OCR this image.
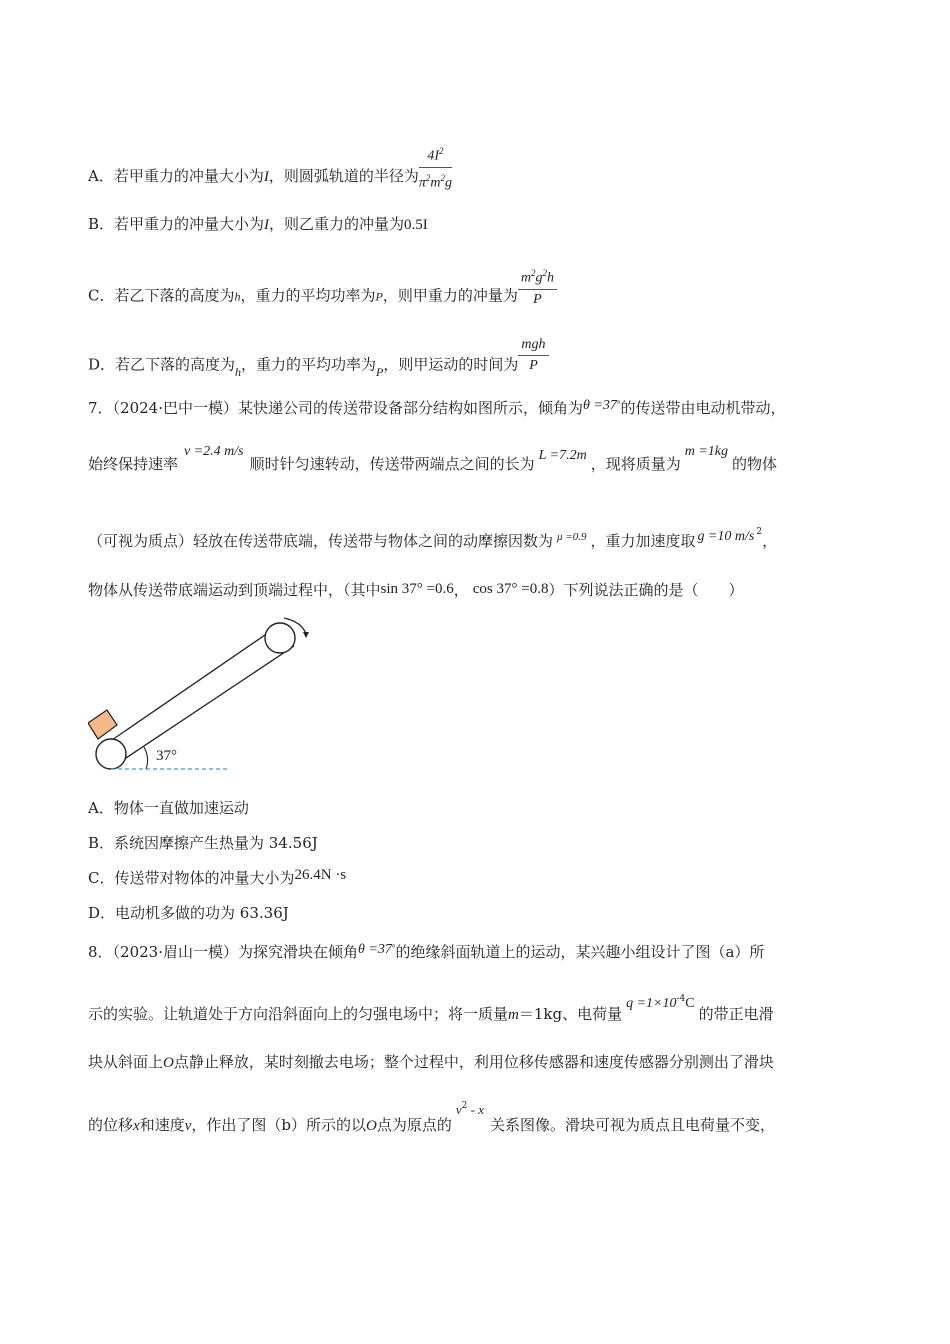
A．若甲重力的冲量大小为I，则圆弧轨道的半径为 $\frac{4I^2}{\pi^2m^2g}$
B．若甲重力的冲量大小为I，则乙重力的冲量为0.5I
C．若乙下落的高度为h，重力的平均功率为P，则甲重力的冲量为 $\frac{m^2g^2h}{P}$
D．若乙下落的高度为$_h$，重力的平均功率为$_P$，则甲运动的时间为 $\frac{\text{mgh}}{P}$
7．（2024·巴中一模）某快递公司的传送带设备部分结构如图所示，倾角为θ =37°的传送带由电动机带动，
始终保持速率v =2.4 m/s顺时针匀速转动，传送带两端点之间的长为 L =7.2m ，现将质量为m =1kg的物体
（可视为质点）轻放在传送带底端，传送带与物体之间的动摩擦因数为 $^{\mu =0.9}$ ，重力加速度取 g =10 m/s $^2$，
物体从传送带底端运动到顶端过程中，（其中sin 37° =0.6， cos 37° =0.8）下列说法正确的是（　　）
37°
A．物体一直做加速运动
B．系统因摩擦产生热量为 34.56J
C．传送带对物体的冲量大小为26.4N ·s
D．电动机多做的功为 63.36J
8．（2023·眉山一模）为探究滑块在倾角θ =37°的绝缘斜面轨道上的运动，某兴趣小组设计了图（a）所
示的实验。让轨道处于方向沿斜面向上的匀强电场中；将一质量m＝1kg、电荷量$q =1\times 10^{-4}C$的带正电滑
块从斜面上O点静止释放，某时刻撤去电场；整个过程中，利用位移传感器和速度传感器分别测出了滑块
的位移x和速度v，作出了图（b）所示的以O点为原点的$v^2$ - x关系图像。滑块可视为质点且电荷量不变，
